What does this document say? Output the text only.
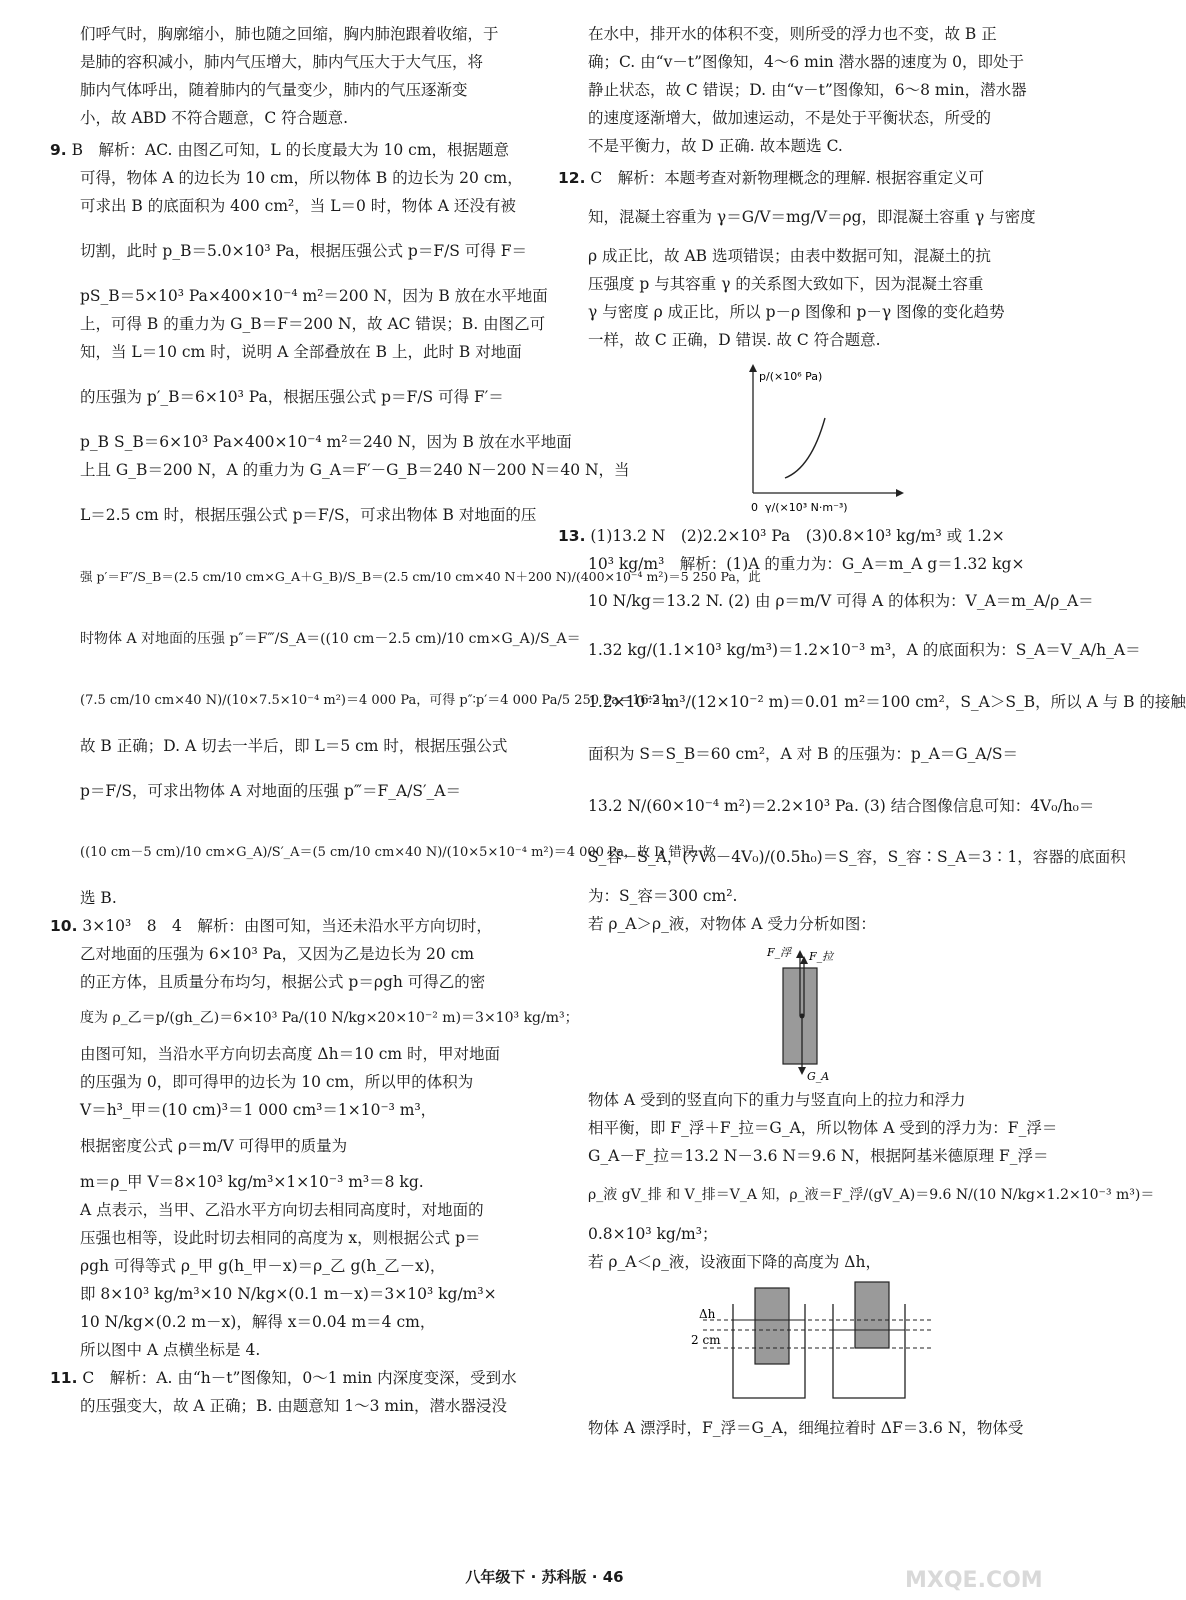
们呼气时，胸廓缩小，肺也随之回缩，胸内肺泡跟着收缩，于
是肺的容积减小，肺内气压增大，肺内气压大于大气压，将
肺内气体呼出，随着肺内的气量变少，肺内的气压逐渐变
小，故 ABD 不符合题意，C 符合题意.
9. B　解析：AC. 由图乙可知，L 的长度最大为 10 cm，根据题意
可得，物体 A 的边长为 10 cm，所以物体 B 的边长为 20 cm，
可求出 B 的底面积为 400 cm²，当 L＝0 时，物体 A 还没有被
切割，此时 p_B＝5.0×10³ Pa，根据压强公式 p＝F/S 可得 F＝
pS_B＝5×10³ Pa×400×10⁻⁴ m²＝200 N，因为 B 放在水平地面
上，可得 B 的重力为 G_B＝F＝200 N，故 AC 错误；B. 由图乙可
知，当 L＝10 cm 时，说明 A 全部叠放在 B 上，此时 B 对地面
的压强为 p′_B＝6×10³ Pa，根据压强公式 p＝F/S 可得 F′＝
p_B S_B＝6×10³ Pa×400×10⁻⁴ m²＝240 N，因为 B 放在水平地面
上且 G_B＝200 N，A 的重力为 G_A＝F′－G_B＝240 N－200 N＝40 N，当
L＝2.5 cm 时，根据压强公式 p＝F/S，可求出物体 B 对地面的压
强 p′＝F″/S_B＝(2.5 cm/10 cm×G_A＋G_B)/S_B＝(2.5 cm/10 cm×40 N＋200 N)/(400×10⁻⁴ m²)＝5 250 Pa，此
时物体 A 对地面的压强 p″＝F‴/S_A＝((10 cm－2.5 cm)/10 cm×G_A)/S_A＝
(7.5 cm/10 cm×40 N)/(10×7.5×10⁻⁴ m²)＝4 000 Pa，可得 p″∶p′＝4 000 Pa/5 250 Pa＝16∶21，
故 B 正确；D. A 切去一半后，即 L＝5 cm 时，根据压强公式
p＝F/S，可求出物体 A 对地面的压强 p‴＝F_A/S′_A＝
((10 cm－5 cm)/10 cm×G_A)/S′_A＝(5 cm/10 cm×40 N)/(10×5×10⁻⁴ m²)＝4 000 Pa，故 D 错误. 故
选 B.
10. 3×10³　8　4　解析：由图可知，当还未沿水平方向切时，
乙对地面的压强为 6×10³ Pa，又因为乙是边长为 20 cm
的正方体，且质量分布均匀，根据公式 p＝ρgh 可得乙的密
度为 ρ_乙＝p/(gh_乙)＝6×10³ Pa/(10 N/kg×20×10⁻² m)＝3×10³ kg/m³；
由图可知，当沿水平方向切去高度 Δh＝10 cm 时，甲对地面
的压强为 0，即可得甲的边长为 10 cm，所以甲的体积为
V＝h³_甲＝(10 cm)³＝1 000 cm³＝1×10⁻³ m³，
根据密度公式 ρ＝m/V 可得甲的质量为
m＝ρ_甲 V＝8×10³ kg/m³×1×10⁻³ m³＝8 kg.
A 点表示，当甲、乙沿水平方向切去相同高度时，对地面的
压强也相等，设此时切去相同的高度为 x，则根据公式 p＝
ρgh 可得等式 ρ_甲 g(h_甲－x)＝ρ_乙 g(h_乙－x)，
即 8×10³ kg/m³×10 N/kg×(0.1 m－x)＝3×10³ kg/m³×
10 N/kg×(0.2 m－x)，解得 x＝0.04 m＝4 cm，
所以图中 A 点横坐标是 4.
11. C　解析：A. 由“h－t”图像知，0～1 min 内深度变深，受到水
的压强变大，故 A 正确；B. 由题意知 1～3 min，潜水器浸没
在水中，排开水的体积不变，则所受的浮力也不变，故 B 正
确；C. 由“v－t”图像知，4～6 min 潜水器的速度为 0，即处于
静止状态，故 C 错误；D. 由“v－t”图像知，6～8 min，潜水器
的速度逐渐增大，做加速运动，不是处于平衡状态，所受的
不是平衡力，故 D 正确. 故本题选 C.
12. C　解析：本题考查对新物理概念的理解. 根据容重定义可
知，混凝土容重为 γ＝G/V＝mg/V＝ρg，即混凝土容重 γ 与密度
ρ 成正比，故 AB 选项错误；由表中数据可知，混凝土的抗
压强度 p 与其容重 γ 的关系图大致如下，因为混凝土容重
γ 与密度 ρ 成正比，所以 p－ρ 图像和 p－γ 图像的变化趋势
一样，故 C 正确，D 错误. 故 C 符合题意.
p/(×10⁶ Pa)
0 γ/(×10³ N·m⁻³)
13. (1)13.2 N　(2)2.2×10³ Pa　(3)0.8×10³ kg/m³ 或 1.2×
10³ kg/m³　解析：(1)A 的重力为：G_A＝m_A g＝1.32 kg×
10 N/kg＝13.2 N. (2) 由 ρ＝m/V 可得 A 的体积为：V_A＝m_A/ρ_A＝
1.32 kg/(1.1×10³ kg/m³)＝1.2×10⁻³ m³，A 的底面积为：S_A＝V_A/h_A＝
1.2×10⁻³ m³/(12×10⁻² m)＝0.01 m²＝100 cm²，S_A＞S_B，所以 A 与 B 的接触
面积为 S＝S_B＝60 cm²，A 对 B 的压强为：p_A＝G_A/S＝
13.2 N/(60×10⁻⁴ m²)＝2.2×10³ Pa. (3) 结合图像信息可知：4V₀/h₀＝
S_容－S_A，(7V₀－4V₀)/(0.5h₀)＝S_容，S_容∶S_A＝3∶1，容器的底面积
为：S_容＝300 cm².
若 ρ_A＞ρ_液，对物体 A 受力分析如图：
F_浮 F_拉
G_A
物体 A 受到的竖直向下的重力与竖直向上的拉力和浮力
相平衡，即 F_浮＋F_拉＝G_A，所以物体 A 受到的浮力为：F_浮＝
G_A－F_拉＝13.2 N－3.6 N＝9.6 N，根据阿基米德原理 F_浮＝
ρ_液 gV_排 和 V_排＝V_A 知，ρ_液＝F_浮/(gV_A)＝9.6 N/(10 N/kg×1.2×10⁻³ m³)＝
0.8×10³ kg/m³；
若 ρ_A＜ρ_液，设液面下降的高度为 Δh，
Δh
2 cm
物体 A 漂浮时，F_浮＝G_A，细绳拉着时 ΔF＝3.6 N，物体受
八年级下 · 苏科版 · 46	MXQE.COM
